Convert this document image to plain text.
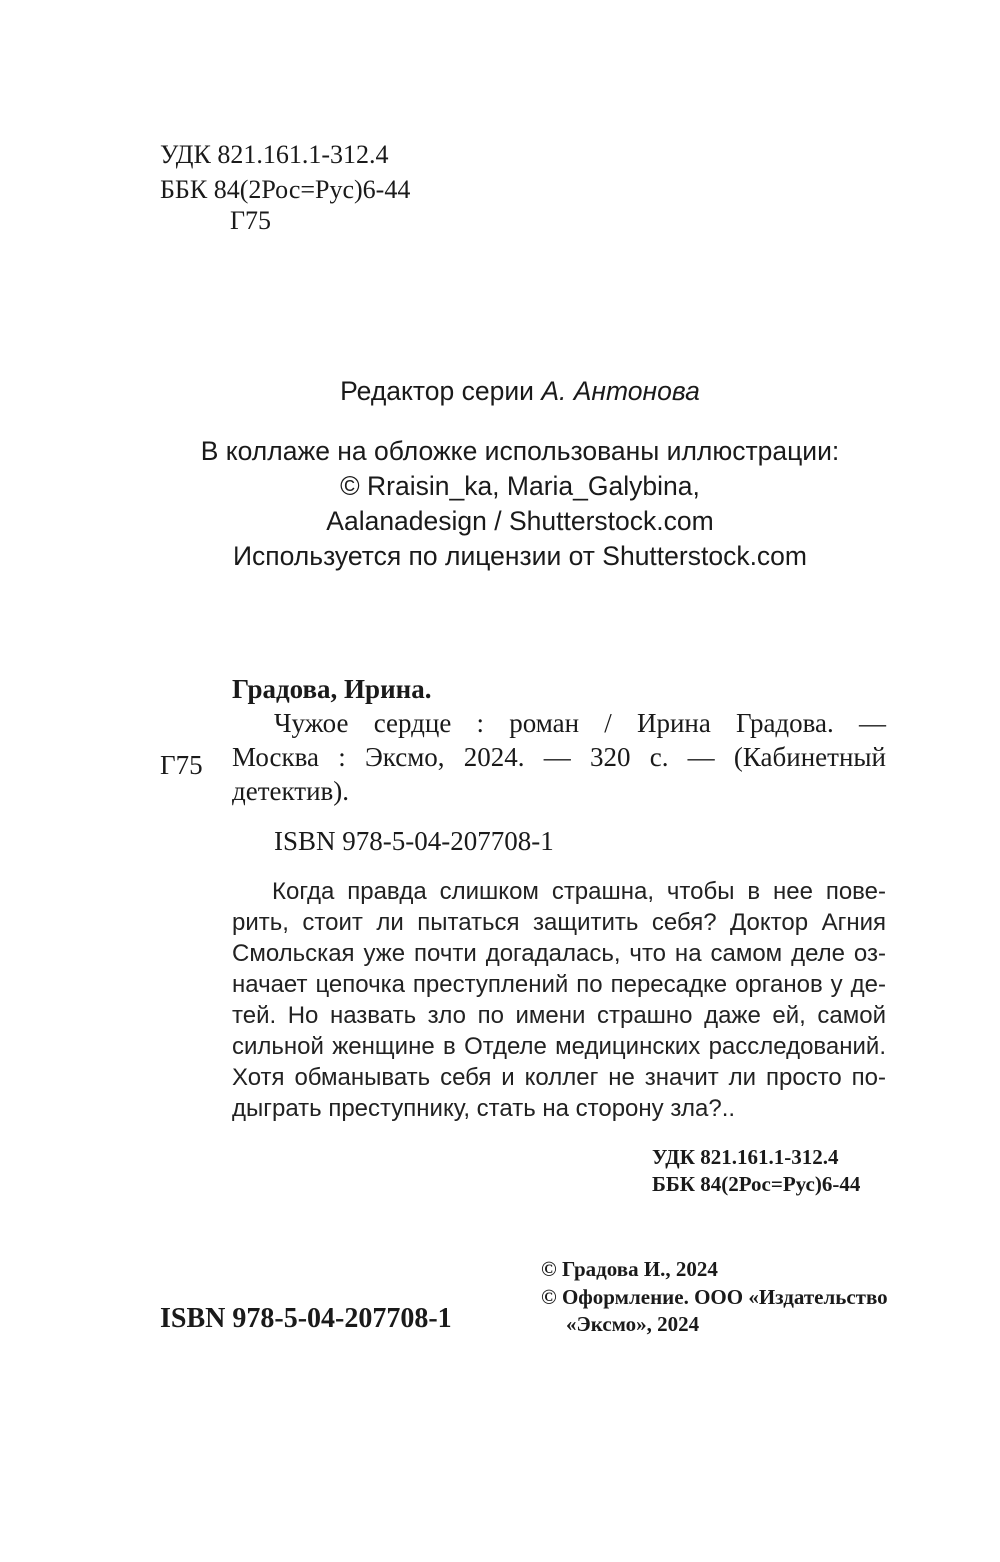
УДК 821.161.1-312.4
ББК 84(2Рос=Рус)6-44
Г75
Редактор серии А. Антонова
В коллаже на обложке использованы иллюстрации:
© Rraisin_ka, Maria_Galybina,
Aalanadesign / Shutterstock.com
Используется по лицензии от Shutterstock.com
Г75
Градова, Ирина.
Чужое сердце : роман / Ирина Градова. —
Москва : Эксмо, 2024. — 320 с. — (Кабинетный
детектив).
ISBN 978-5-04-207708-1
Когда правда слишком страшна, чтобы в нее пове-
рить, стоит ли пытаться защитить себя? Доктор Агния
Смольская уже почти догадалась, что на самом деле оз-
начает цепочка преступлений по пересадке органов у де-
тей. Но назвать зло по имени страшно даже ей, самой
сильной женщине в Отделе медицинских расследований.
Хотя обманывать себя и коллег не значит ли просто по-
дыграть преступнику, стать на сторону зла?..
УДК 821.161.1-312.4
ББК 84(2Рос=Рус)6-44
ISBN 978-5-04-207708-1
© Градова И., 2024
© Оформление. ООО «Издательство
«Эксмо», 2024
